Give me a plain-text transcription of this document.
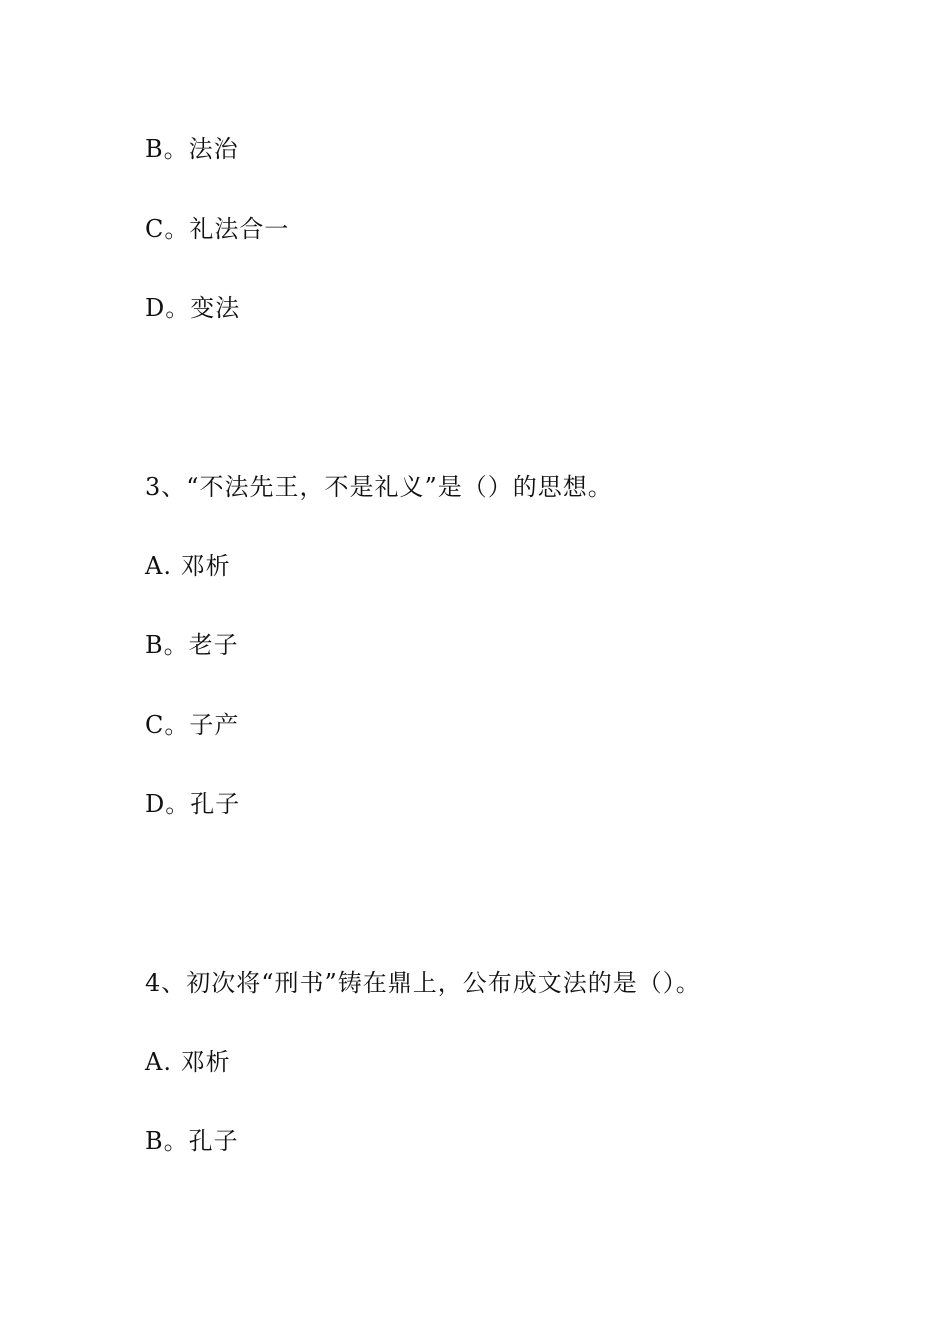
B。法治
C。礼法合一
D。变法
3、“不法先王，不是礼义”是（）的思想。
A. 邓析
B。老子
C。子产
D。孔子
4、初次将“刑书”铸在鼎上，公布成文法的是（）。
A. 邓析
B。孔子
